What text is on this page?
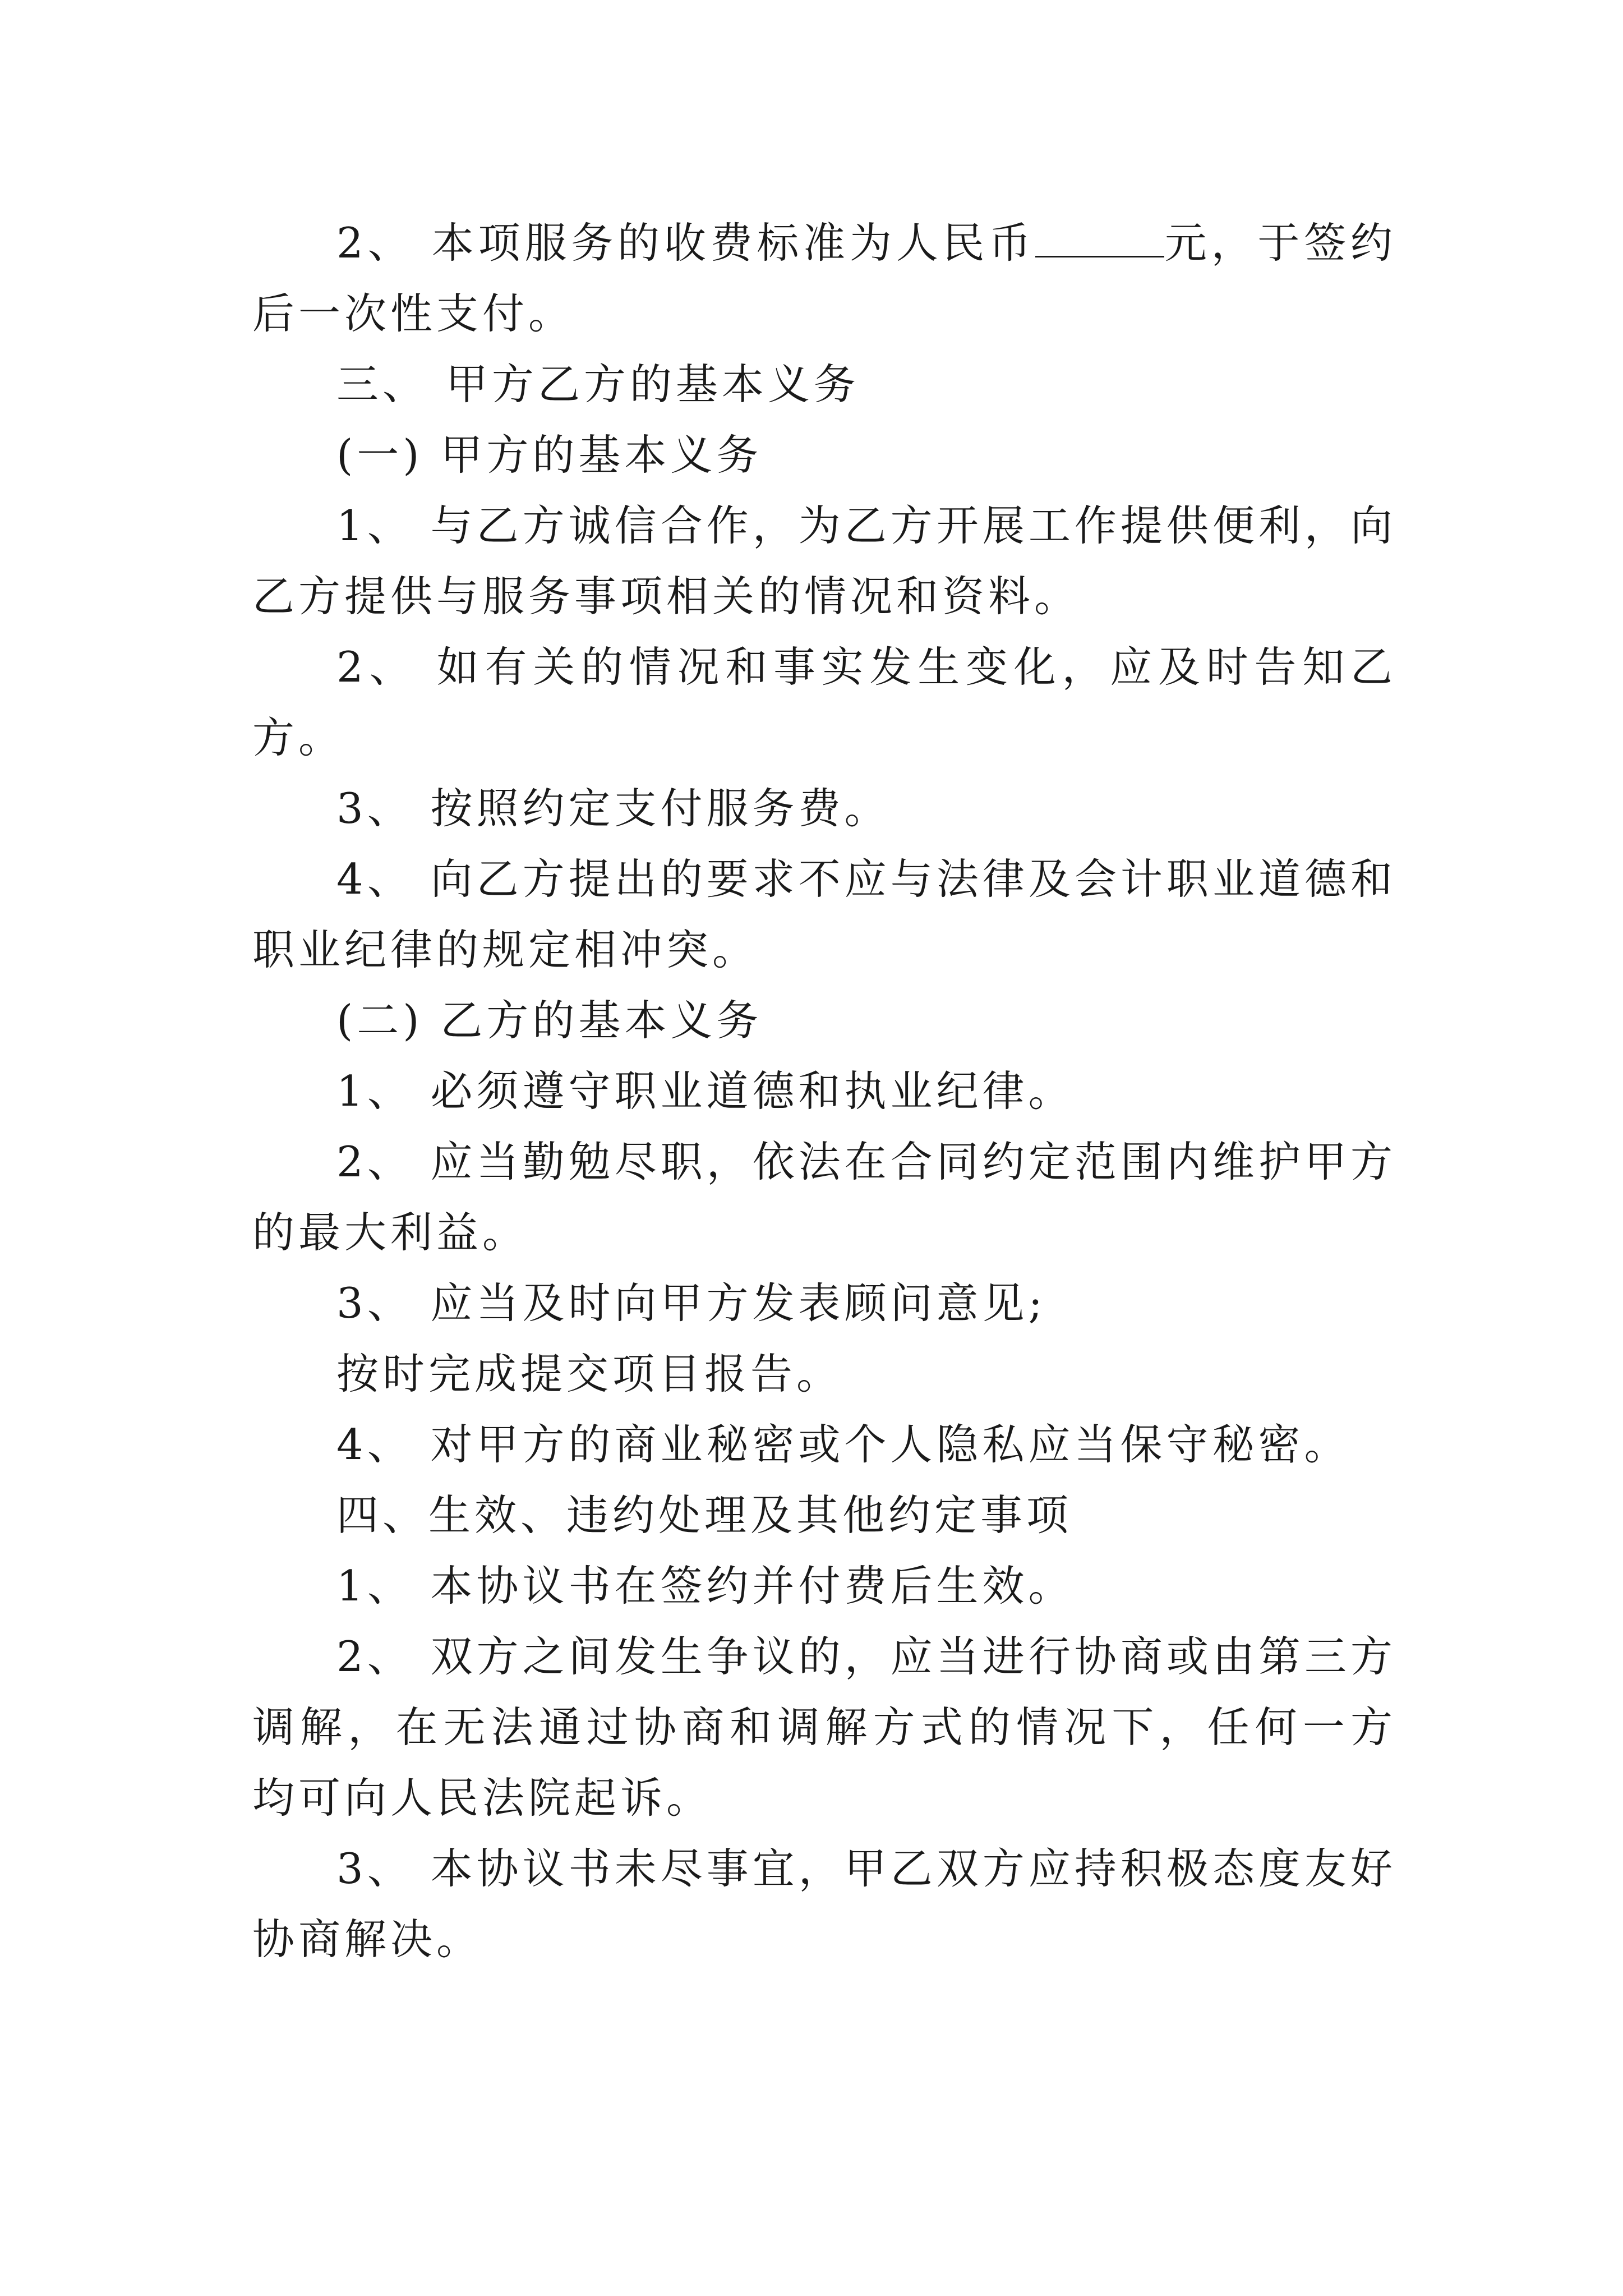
2、 本项服务的收费标准为人民币	元，于签约后一次性支付。

三、 甲方乙方的基本义务

(一) 甲方的基本义务

1、 与乙方诚信合作，为乙方开展工作提供便利，向乙方提供与服务事项相关的情况和资料。

2、 如有关的情况和事实发生变化，应及时告知乙方。

3、 按照约定支付服务费。

4、 向乙方提出的要求不应与法律及会计职业道德和职业纪律的规定相冲突。

(二) 乙方的基本义务

1、 必须遵守职业道德和执业纪律。

2、 应当勤勉尽职，依法在合同约定范围内维护甲方的最大利益。

3、 应当及时向甲方发表顾问意见;

按时完成提交项目报告。

4、 对甲方的商业秘密或个人隐私应当保守秘密。

四、生效、违约处理及其他约定事项

1、 本协议书在签约并付费后生效。

2、 双方之间发生争议的，应当进行协商或由第三方调解，在无法通过协商和调解方式的情况下，任何一方均可向人民法院起诉。

3、 本协议书未尽事宜，甲乙双方应持积极态度友好协商解决。
